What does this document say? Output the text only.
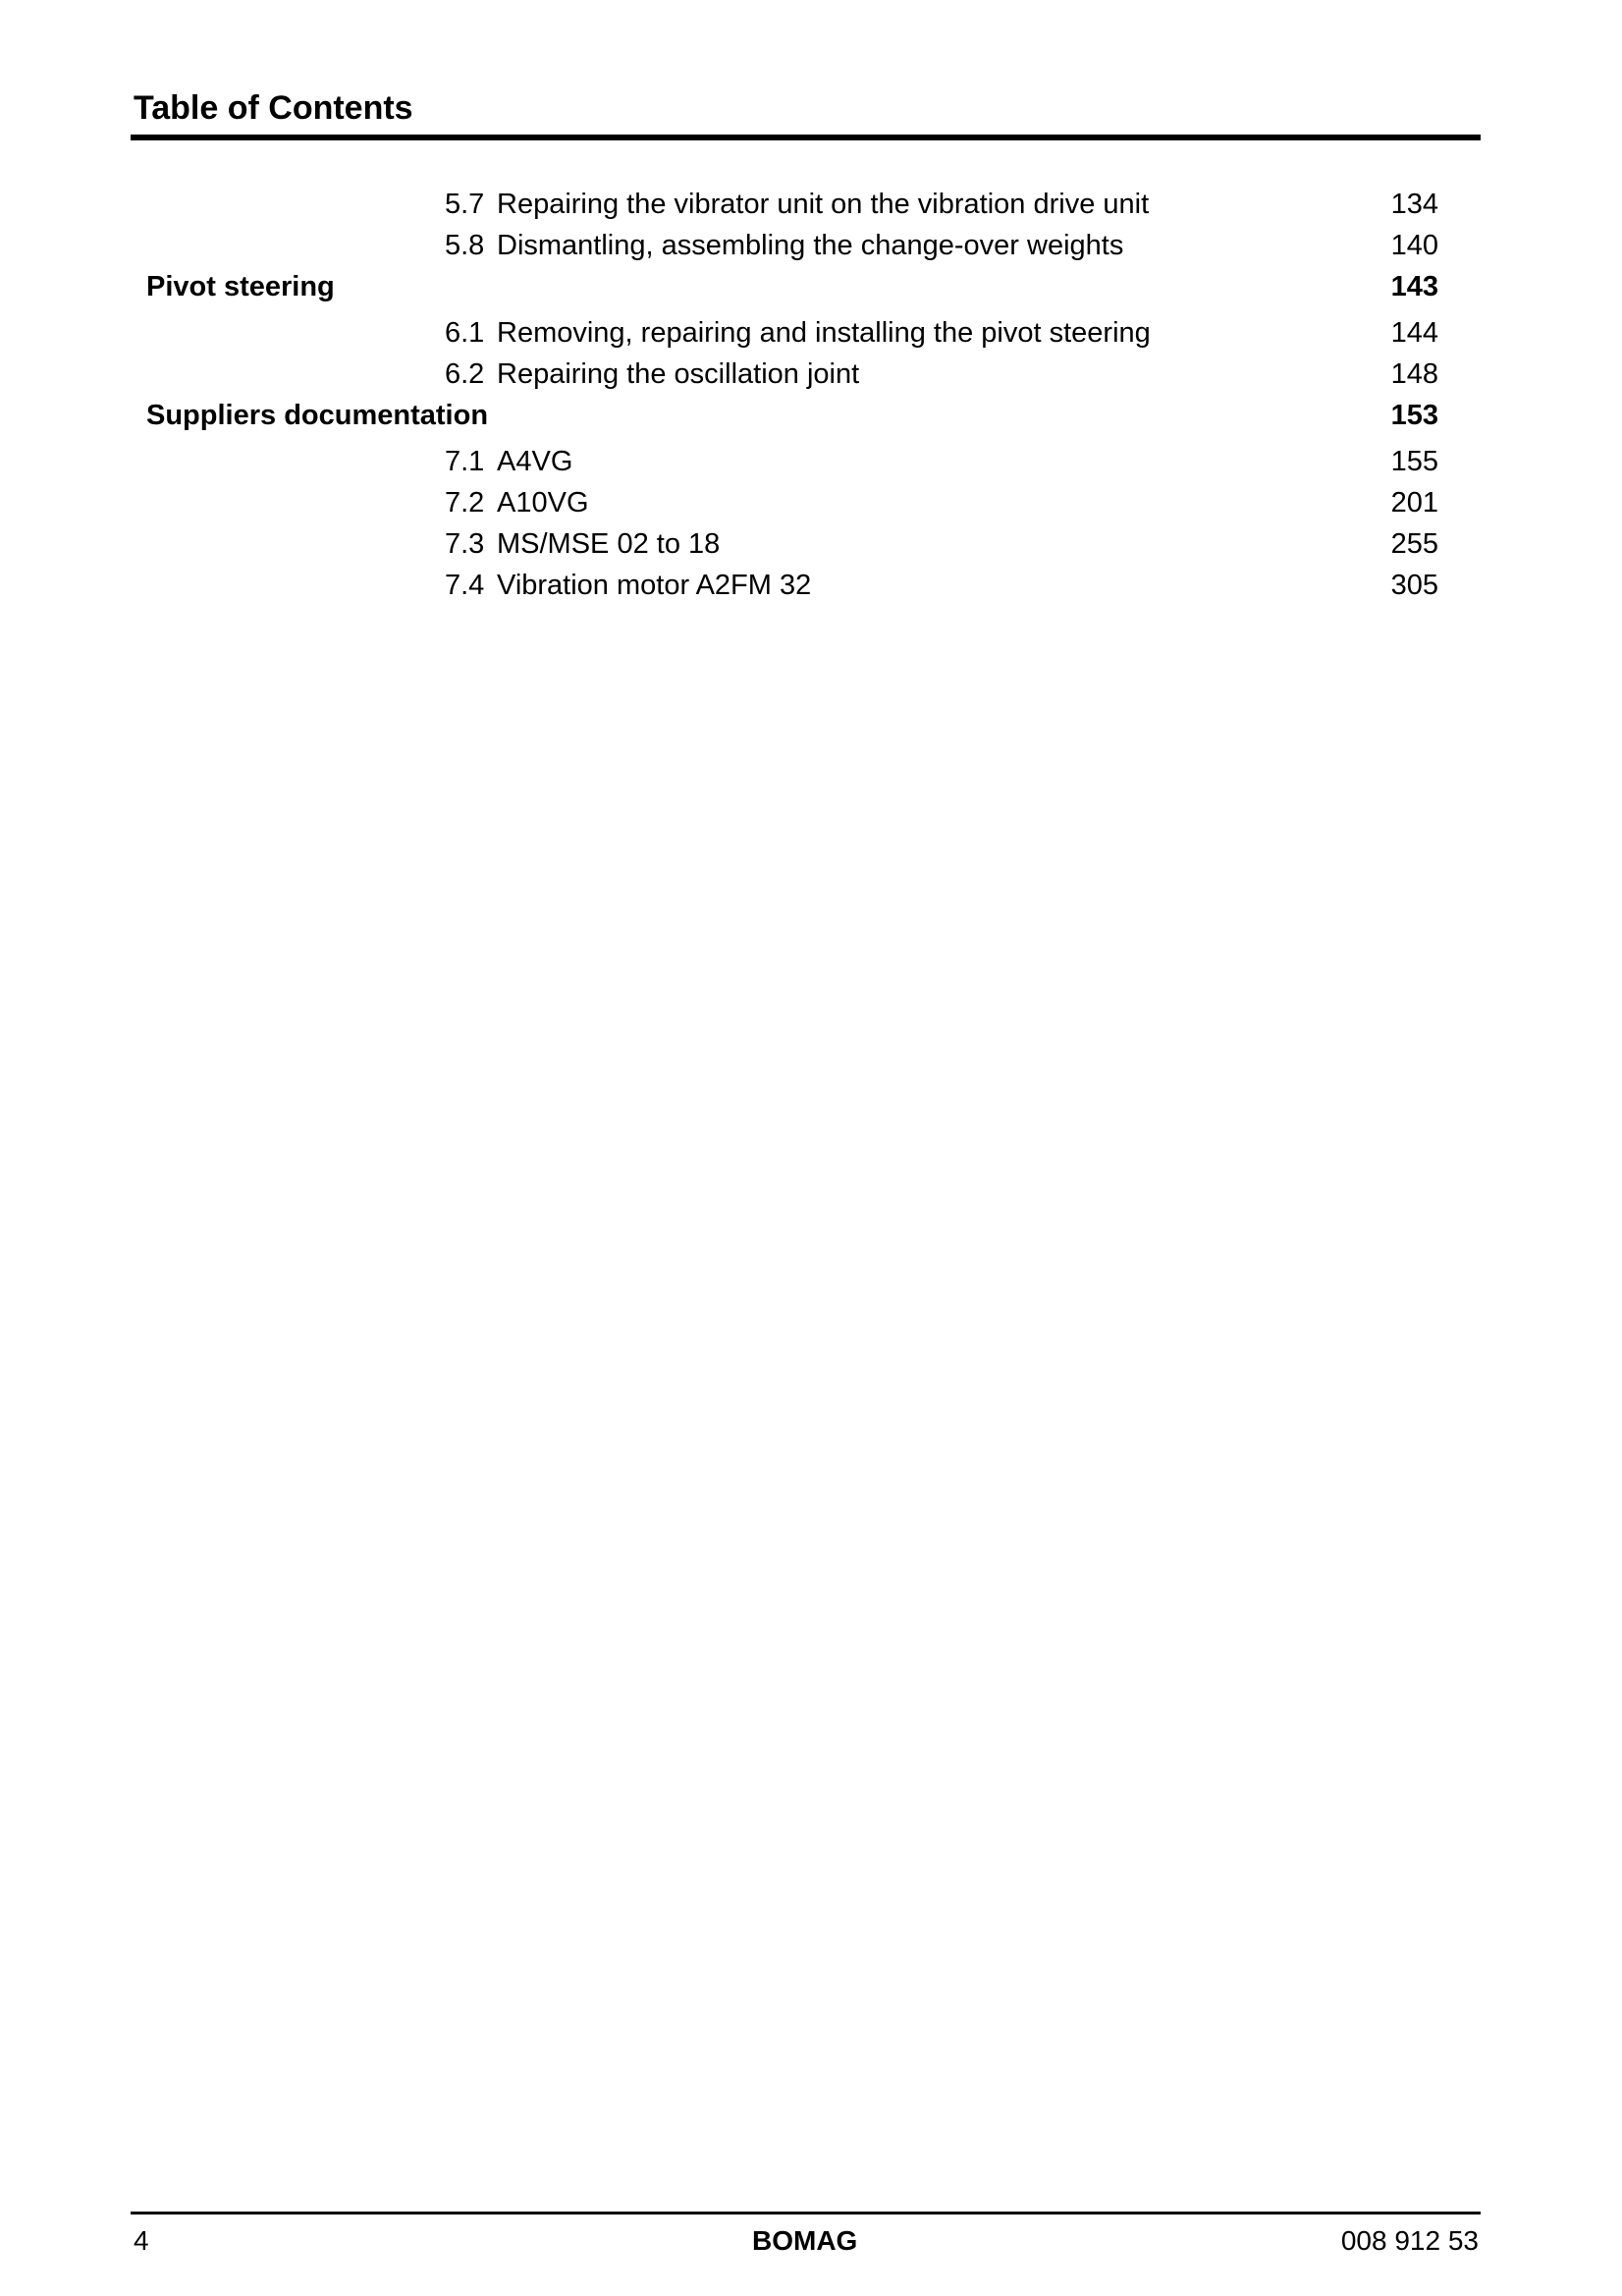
Table of Contents
5.7 Repairing the vibrator unit on the vibration drive unit	134
5.8 Dismantling, assembling the change-over weights	140
Pivot steering	143
6.1 Removing, repairing and installing the pivot steering	144
6.2 Repairing the oscillation joint	148
Suppliers documentation	153
7.1 A4VG	155
7.2 A10VG	201
7.3 MS/MSE 02 to 18	255
7.4 Vibration motor A2FM 32	305
4	BOMAG	008 912 53
